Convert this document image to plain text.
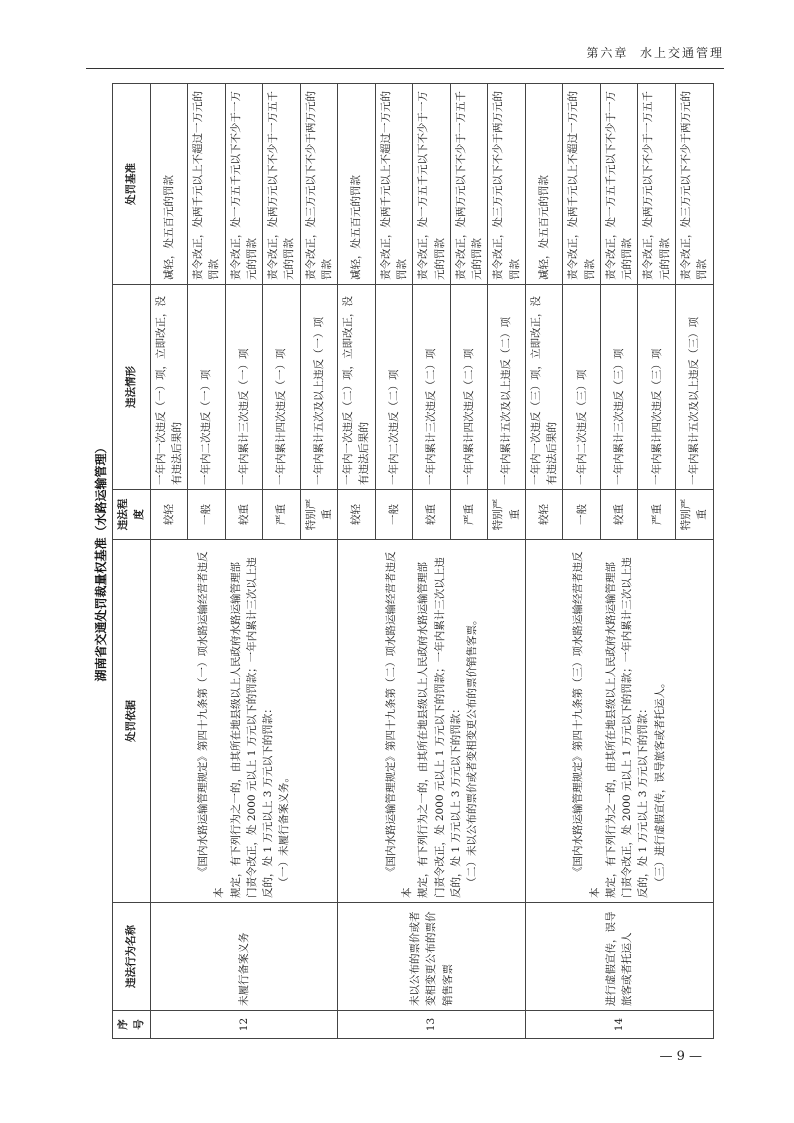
第六章 水上交通管理
湖南省交通处罚裁量权基准（水路运输管理）
序号	违法行为名称	处罚依据	违法程度	违法情形	处罚基准
12	未履行备案义务	《国内水路运输管理规定》第四十九条第（一）项水路运输经营者违反本 规定，有下列行为之一的，由其所在地县级以上人民政府水路运输管理部 门责令改正，处 2000 元以上 1 万元以下的罚款；一年内累计三次以上违 反的，处 1 万元以上 3 万元以下的罚款： （一）未履行备案义务。	较轻	一年内一次违反（一）项，立即改正，没有违法后果的	减轻，处五百元的罚款
			一般	一年内二次违反（一）项	责令改正，处两千元以上不超过一万元的罚款
			较重	一年内累计三次违反（一）项	责令改正，处一万五千元以下不少于一万元的罚款
			严重	一年内累计四次违反（一）项	责令改正，处两万元以下不少于一万五千元的罚款
			特别严重	一年内累计五次及以上违反（一）项	责令改正，处三万元以下不少于两万元的罚款
13	未以公布的票价或者变相变更公布的票价销售客票	《国内水路运输管理规定》第四十九条第（二）项水路运输经营者违反本 规定，有下列行为之一的，由其所在地县级以上人民政府水路运输管理部 门责令改正，处 2000 元以上 1 万元以下的罚款；一年内累计三次以上违 反的，处 1 万元以上 3 万元以下的罚款： （二）未以公布的票价或者变相变更公布的票价销售客票。	较轻	一年内一次违反（二）项，立即改正，没有违法后果的	减轻，处五百元的罚款
			一般	一年内二次违反（二）项	责令改正，处两千元以上不超过一万元的罚款
			较重	一年内累计三次违反（二）项	责令改正，处一万五千元以下不少于一万元的罚款
			严重	一年内累计四次违反（二）项	责令改正，处两万元以下不少于一万五千元的罚款
			特别严重	一年内累计五次及以上违反（二）项	责令改正，处三万元以下不少于两万元的罚款
14	进行虚假宣传，误导旅客或者托运人	《国内水路运输管理规定》第四十九条第（三）项水路运输经营者违反本 规定，有下列行为之一的，由其所在地县级以上人民政府水路运输管理部 门责令改正，处 2000 元以上 1 万元以下的罚款；一年内累计三次以上违 反的，处 1 万元以上 3 万元以下的罚款： （三）进行虚假宣传，误导旅客或者托运人。	较轻	一年内一次违反（三）项，立即改正，没有违法后果的	减轻，处五百元的罚款
			一般	一年内二次违反（三）项	责令改正，处两千元以上不超过一万元的罚款
			较重	一年内累计三次违反（三）项	责令改正，处一万五千元以下不少于一万元的罚款
			严重	一年内累计四次违反（三）项	责令改正，处两万元以下不少于一万五千元的罚款
			特别严重	一年内累计五次及以上违反（三）项	责令改正，处三万元以下不少于两万元的罚款
— 9 —
